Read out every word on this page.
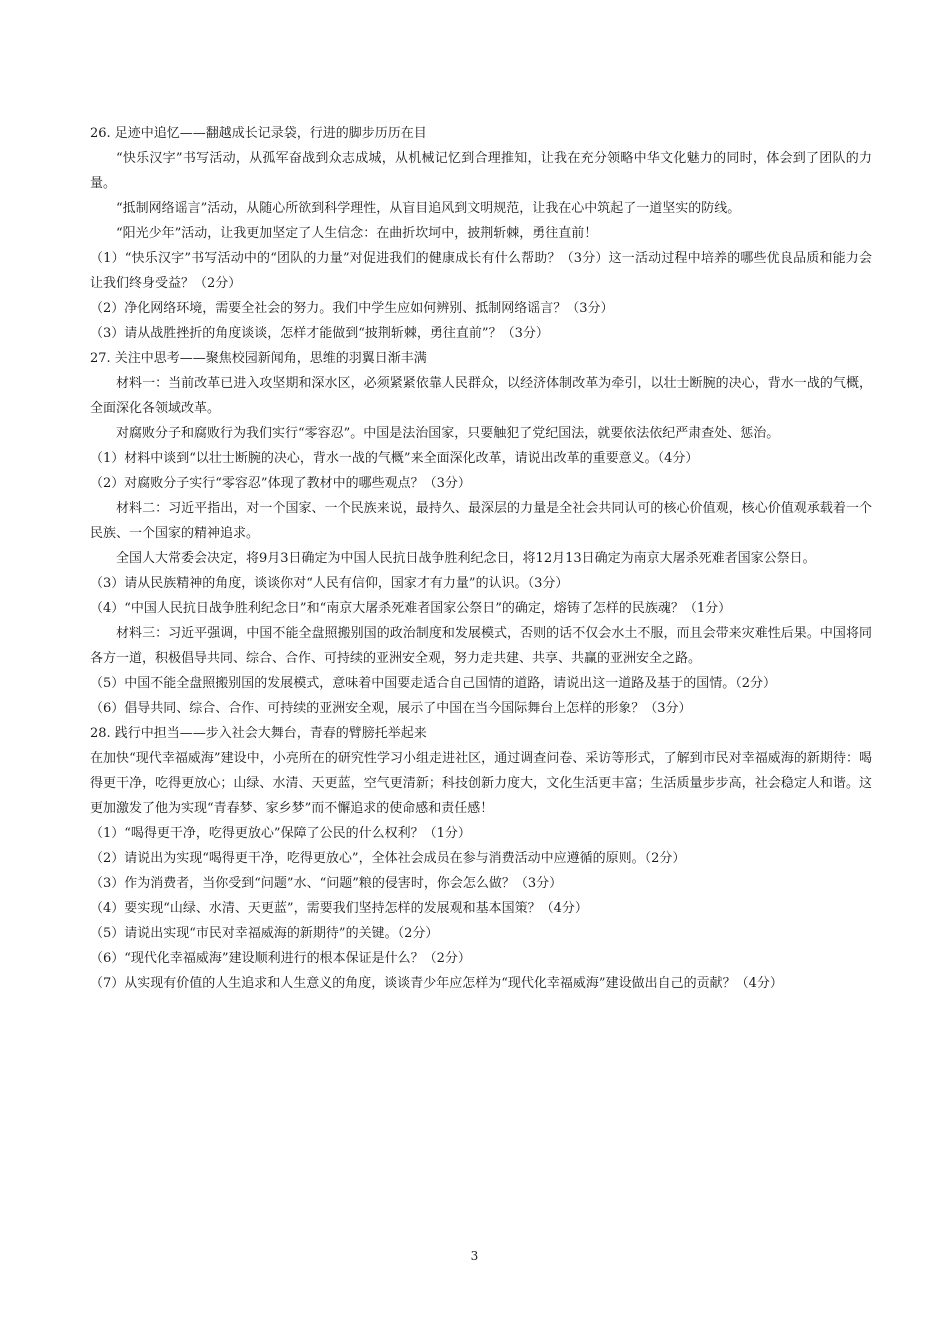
26. 足迹中追忆——翻越成长记录袋，行进的脚步历历在目

“快乐汉字”书写活动，从孤军奋战到众志成城，从机械记忆到合理推知，让我在充分领略中华文化魅力的同时，体会到了团队的力量。

“抵制网络谣言”活动，从随心所欲到科学理性，从盲目追风到文明规范，让我在心中筑起了一道坚实的防线。

“阳光少年”活动，让我更加坚定了人生信念：在曲折坎坷中，披荆斩棘，勇往直前！

（1）“快乐汉字”书写活动中的“团队的力量”对促进我们的健康成长有什么帮助？（3分）这一活动过程中培养的哪些优良品质和能力会让我们终身受益？（2分）

（2）净化网络环境，需要全社会的努力。我们中学生应如何辨别、抵制网络谣言？（3分）

（3）请从战胜挫折的角度谈谈，怎样才能做到“披荆斩棘，勇往直前”？（3分）

27. 关注中思考——聚焦校园新闻角，思维的羽翼日渐丰满

材料一：当前改革已进入攻坚期和深水区，必须紧紧依靠人民群众，以经济体制改革为牵引，以壮士断腕的决心，背水一战的气概，全面深化各领域改革。

对腐败分子和腐败行为我们实行“零容忍”。中国是法治国家，只要触犯了党纪国法，就要依法依纪严肃查处、惩治。

（1）材料中谈到“以壮士断腕的决心，背水一战的气概”来全面深化改革，请说出改革的重要意义。（4分）

（2）对腐败分子实行“零容忍”体现了教材中的哪些观点？（3分）

材料二：习近平指出，对一个国家、一个民族来说，最持久、最深层的力量是全社会共同认可的核心价值观，核心价值观承载着一个民族、一个国家的精神追求。

全国人大常委会决定，将9月3日确定为中国人民抗日战争胜利纪念日，将12月13日确定为南京大屠杀死难者国家公祭日。

（3）请从民族精神的角度，谈谈你对“人民有信仰，国家才有力量”的认识。（3分）

（4）“中国人民抗日战争胜利纪念日”和“南京大屠杀死难者国家公祭日”的确定，熔铸了怎样的民族魂？（1分）

材料三：习近平强调，中国不能全盘照搬别国的政治制度和发展模式，否则的话不仅会水土不服，而且会带来灾难性后果。中国将同各方一道，积极倡导共同、综合、合作、可持续的亚洲安全观，努力走共建、共享、共赢的亚洲安全之路。

（5）中国不能全盘照搬别国的发展模式，意味着中国要走适合自己国情的道路，请说出这一道路及基于的国情。（2分）

（6）倡导共同、综合、合作、可持续的亚洲安全观，展示了中国在当今国际舞台上怎样的形象？（3分）

28. 践行中担当——步入社会大舞台，青春的臂膀托举起来

在加快“现代幸福威海”建设中，小亮所在的研究性学习小组走进社区，通过调查问卷、采访等形式，了解到市民对幸福威海的新期待：喝得更干净，吃得更放心；山绿、水清、天更蓝，空气更清新；科技创新力度大，文化生活更丰富；生活质量步步高，社会稳定人和谐。这更加激发了他为实现“青春梦、家乡梦”而不懈追求的使命感和责任感！

（1）“喝得更干净，吃得更放心”保障了公民的什么权利？（1分）

（2）请说出为实现“喝得更干净，吃得更放心”，全体社会成员在参与消费活动中应遵循的原则。（2分）

（3）作为消费者，当你受到“问题”水、“问题”粮的侵害时，你会怎么做？（3分）

（4）要实现“山绿、水清、天更蓝”，需要我们坚持怎样的发展观和基本国策？（4分）

（5）请说出实现“市民对幸福威海的新期待”的关键。（2分）

（6）“现代化幸福威海”建设顺利进行的根本保证是什么？（2分）

（7）从实现有价值的人生追求和人生意义的角度，谈谈青少年应怎样为“现代化幸福威海”建设做出自己的贡献？（4分）

3
